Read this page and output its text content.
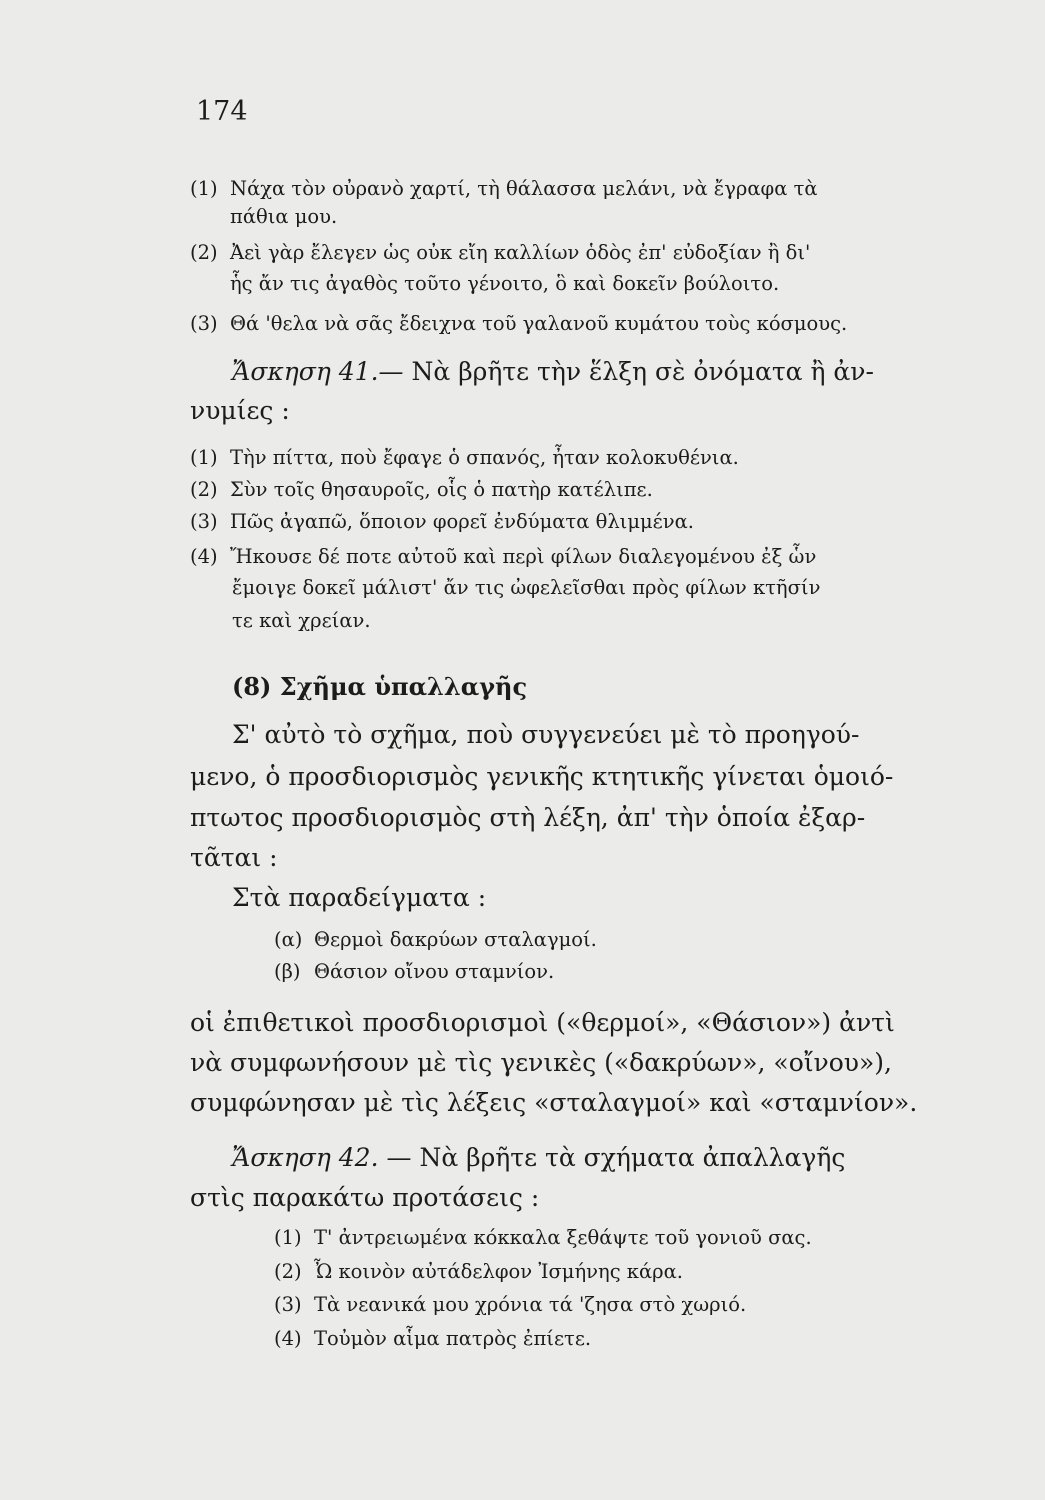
174
(1) Νάχα τὸν οὐρανὸ χαρτί, τὴ θάλασσα μελάνι, νὰ ἔγραφα τὰ
πάθια μου.
(2) Ἀεὶ γὰρ ἔλεγεν ὡς οὐκ εἴη καλλίων ὁδὸς ἐπ' εὐδοξίαν ἢ δι'
ἧς ἄν τις ἀγαθὸς τοῦτο γένοιτο, ὃ καὶ δοκεῖν βούλοιτο.
(3) Θά 'θελα νὰ σᾶς ἔδειχνα τοῦ γαλανοῦ κυμάτου τοὺς κόσμους.
Ἄσκηση 41.— Νὰ βρῆτε τὴν ἕλξη σὲ ὀνόματα ἢ ἀν-
νυμίες :
(1) Τὴν πίττα, ποὺ ἔφαγε ὁ σπανός, ἦταν κολοκυθένια.
(2) Σὺν τοῖς θησαυροῖς, οἷς ὁ πατὴρ κατέλιπε.
(3) Πῶς ἀγαπῶ, ὅποιον φορεῖ ἐνδύματα θλιμμένα.
(4) Ἤκουσε δέ ποτε αὐτοῦ καὶ περὶ φίλων διαλεγομένου ἐξ ὧν
ἔμοιγε δοκεῖ μάλιστ' ἄν τις ὠφελεῖσθαι πρὸς φίλων κτῆσίν
τε καὶ χρείαν.
(8) Σχῆμα ὑπαλλαγῆς
Σ' αὐτὸ τὸ σχῆμα, ποὺ συγγενεύει μὲ τὸ προηγού-
μενο, ὁ προσδιορισμὸς γενικῆς κτητικῆς γίνεται ὁμοιό-
πτωτος προσδιορισμὸς στὴ λέξη, ἀπ' τὴν ὁποία ἐξαρ-
τᾶται :
Στὰ παραδείγματα :
(α) Θερμοὶ δακρύων σταλαγμοί.
(β) Θάσιον οἴνου σταμνίον.
οἱ ἐπιθετικοὶ προσδιορισμοὶ («θερμοί», «Θάσιον») ἀντὶ
νὰ συμφωνήσουν μὲ τὶς γενικὲς («δακρύων», «οἴνου»),
συμφώνησαν μὲ τὶς λέξεις «σταλαγμοί» καὶ «σταμνίον».
Ἄσκηση 42. — Νὰ βρῆτε τὰ σχήματα ἀπαλλαγῆς
στὶς παρακάτω προτάσεις :
(1) Τ' ἀντρειωμένα κόκκαλα ξεθάψτε τοῦ γονιοῦ σας.
(2) Ὦ κοινὸν αὐτάδελφον Ἰσμήνης κάρα.
(3) Τὰ νεανικά μου χρόνια τά 'ζησα στὸ χωριό.
(4) Τοὐμὸν αἷμα πατρὸς ἐπίετε.
